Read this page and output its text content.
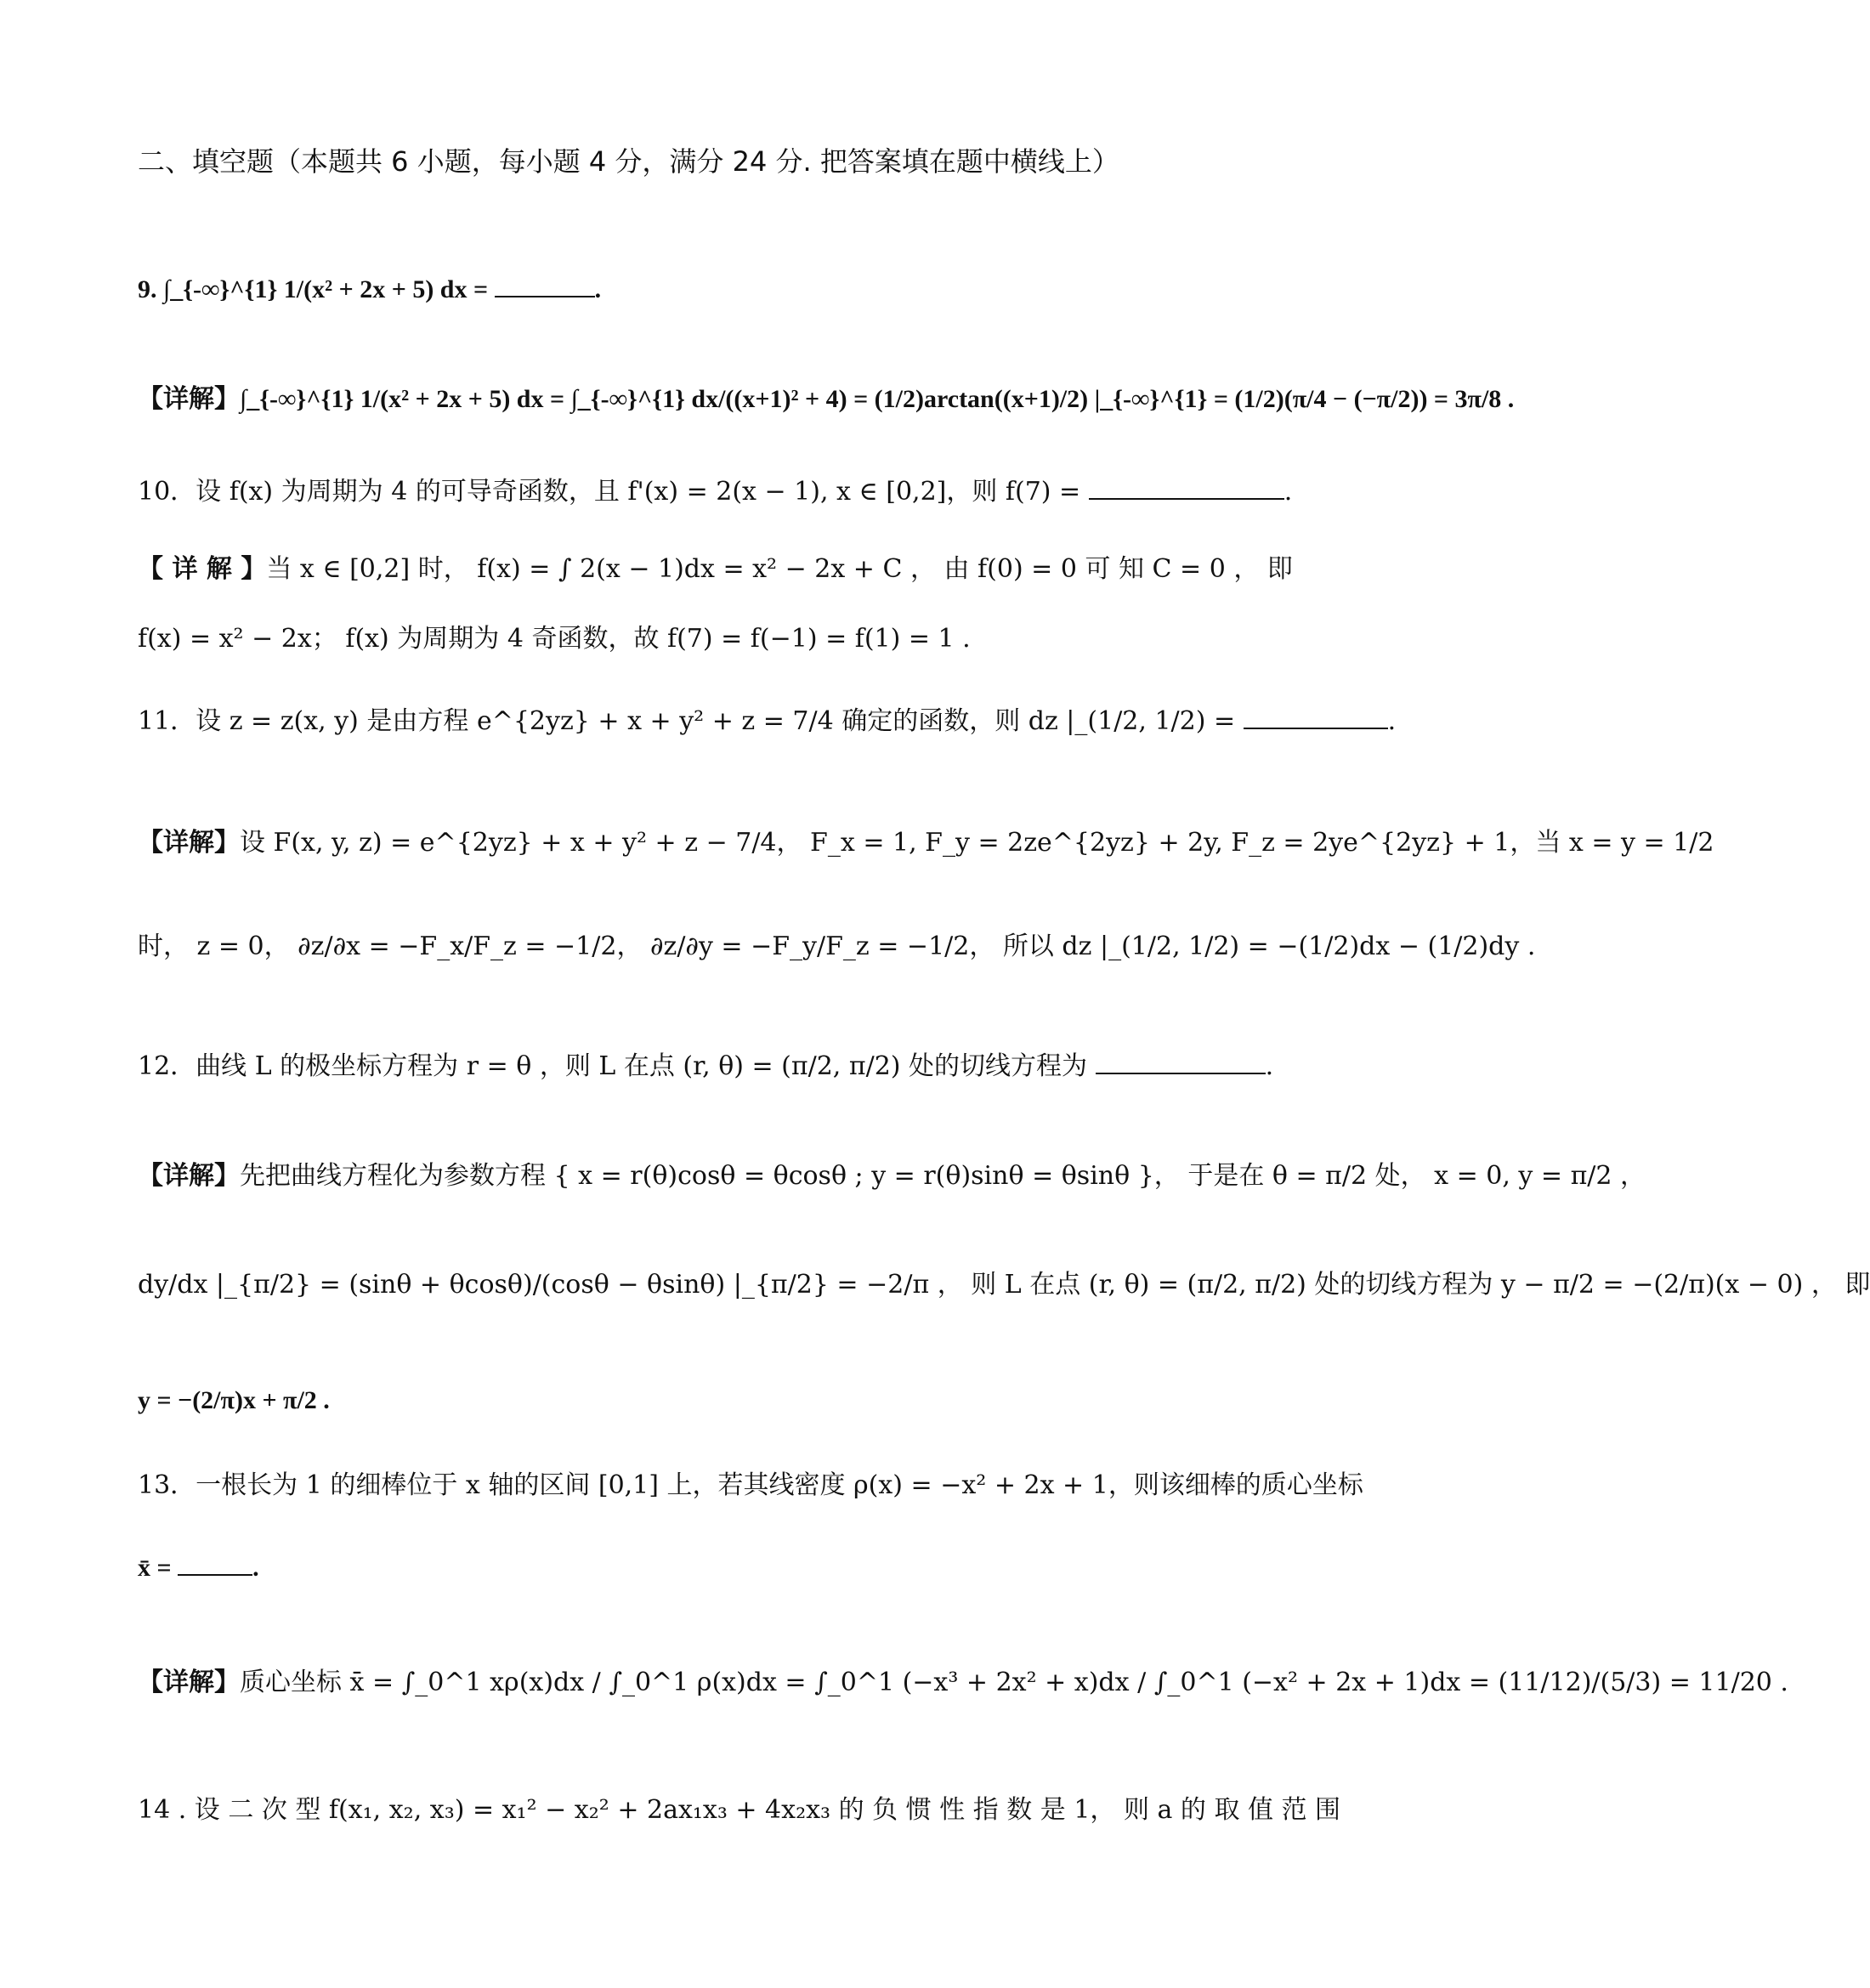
二、填空题（本题共 6 小题，每小题 4 分，满分 24 分. 把答案填在题中横线上）
9. ∫_{-∞}^{1} 1/(x² + 2x + 5) dx =	.
【详解】∫_{-∞}^{1} 1/(x² + 2x + 5) dx = ∫_{-∞}^{1} dx/((x+1)² + 4) = (1/2)arctan((x+1)/2) |_{-∞}^{1} = (1/2)(π/4 − (−π/2)) = 3π/8 .
10．设 f(x) 为周期为 4 的可导奇函数，且 f'(x) = 2(x − 1), x ∈ [0,2]，则 f(7) =	.
【 详 解 】当 x ∈ [0,2] 时， f(x) = ∫ 2(x − 1)dx = x² − 2x + C ， 由 f(0) = 0 可 知 C = 0 ， 即
f(x) = x² − 2x； f(x) 为周期为 4 奇函数，故 f(7) = f(−1) = f(1) = 1 .
11．设 z = z(x, y) 是由方程 e^{2yz} + x + y² + z = 7/4 确定的函数，则 dz |_(1/2, 1/2) =	.
【详解】设 F(x, y, z) = e^{2yz} + x + y² + z − 7/4， F_x = 1, F_y = 2ze^{2yz} + 2y, F_z = 2ye^{2yz} + 1，当 x = y = 1/2
时， z = 0， ∂z/∂x = −F_x/F_z = −1/2， ∂z/∂y = −F_y/F_z = −1/2， 所以 dz |_(1/2, 1/2) = −(1/2)dx − (1/2)dy .
12．曲线 L 的极坐标方程为 r = θ ，则 L 在点 (r, θ) = (π/2, π/2) 处的切线方程为	.
【详解】先把曲线方程化为参数方程 { x = r(θ)cosθ = θcosθ ; y = r(θ)sinθ = θsinθ }， 于是在 θ = π/2 处， x = 0, y = π/2 ，
dy/dx |_{π/2} = (sinθ + θcosθ)/(cosθ − θsinθ) |_{π/2} = −2/π ， 则 L 在点 (r, θ) = (π/2, π/2) 处的切线方程为 y − π/2 = −(2/π)(x − 0) ， 即
y = −(2/π)x + π/2 .
13．一根长为 1 的细棒位于 x 轴的区间 [0,1] 上，若其线密度 ρ(x) = −x² + 2x + 1，则该细棒的质心坐标
x̄ =	.
【详解】质心坐标 x̄ = ∫_0^1 xρ(x)dx / ∫_0^1 ρ(x)dx = ∫_0^1 (−x³ + 2x² + x)dx / ∫_0^1 (−x² + 2x + 1)dx = (11/12)/(5/3) = 11/20 .
14 . 设 二 次 型 f(x₁, x₂, x₃) = x₁² − x₂² + 2ax₁x₃ + 4x₂x₃ 的 负 惯 性 指 数 是 1， 则 a 的 取 值 范 围
